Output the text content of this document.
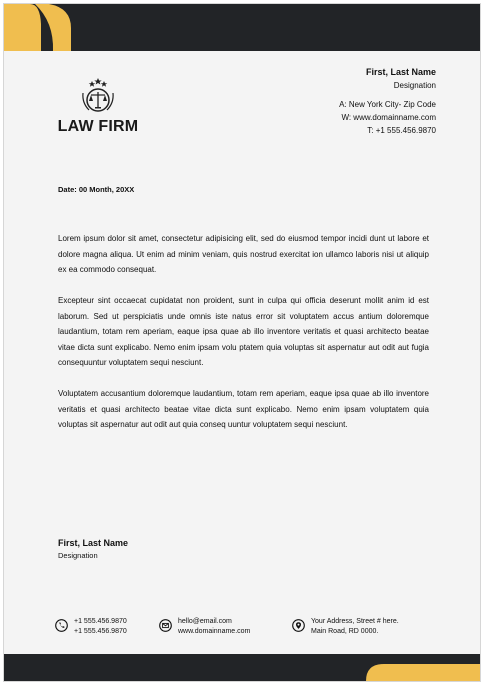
LAW FIRM
First, Last Name
Designation
A: New York City- Zip Code
W: www.domainname.com
T: +1 555.456.9870
Date: 00 Month, 20XX

Lorem ipsum dolor sit amet, consectetur adipisicing elit, sed do eiusmod tempor incidi dunt ut labore et dolore magna aliqua. Ut enim ad minim veniam, quis nostrud exercitat ion ullamco laboris nisi ut aliquip ex ea commodo consequat.

Excepteur sint occaecat cupidatat non proident, sunt in culpa qui officia deserunt mollit anim id est laborum. Sed ut perspiciatis unde omnis iste natus error sit voluptatem accus antium doloremque laudantium, totam rem aperiam, eaque ipsa quae ab illo inventore veritatis et quasi architecto beatae vitae dicta sunt explicabo. Nemo enim ipsam volu ptatem quia voluptas sit aspernatur aut odit aut fugia consequuntur voluptatem sequi nesciunt.

Voluptatem accusantium doloremque laudantium, totam rem aperiam, eaque ipsa quae ab illo inventore veritatis et quasi architecto beatae vitae dicta sunt explicabo. Nemo enim ipsam voluptatem quia voluptas sit aspernatur aut odit aut quia conseq uuntur voluptatem sequi nesciunt.

First, Last Name
Designation
+1 555.456.9870
+1 555.456.9870
hello@email.com
www.domainname.com
Your Address, Street # here.
Main Road, RD 0000.
